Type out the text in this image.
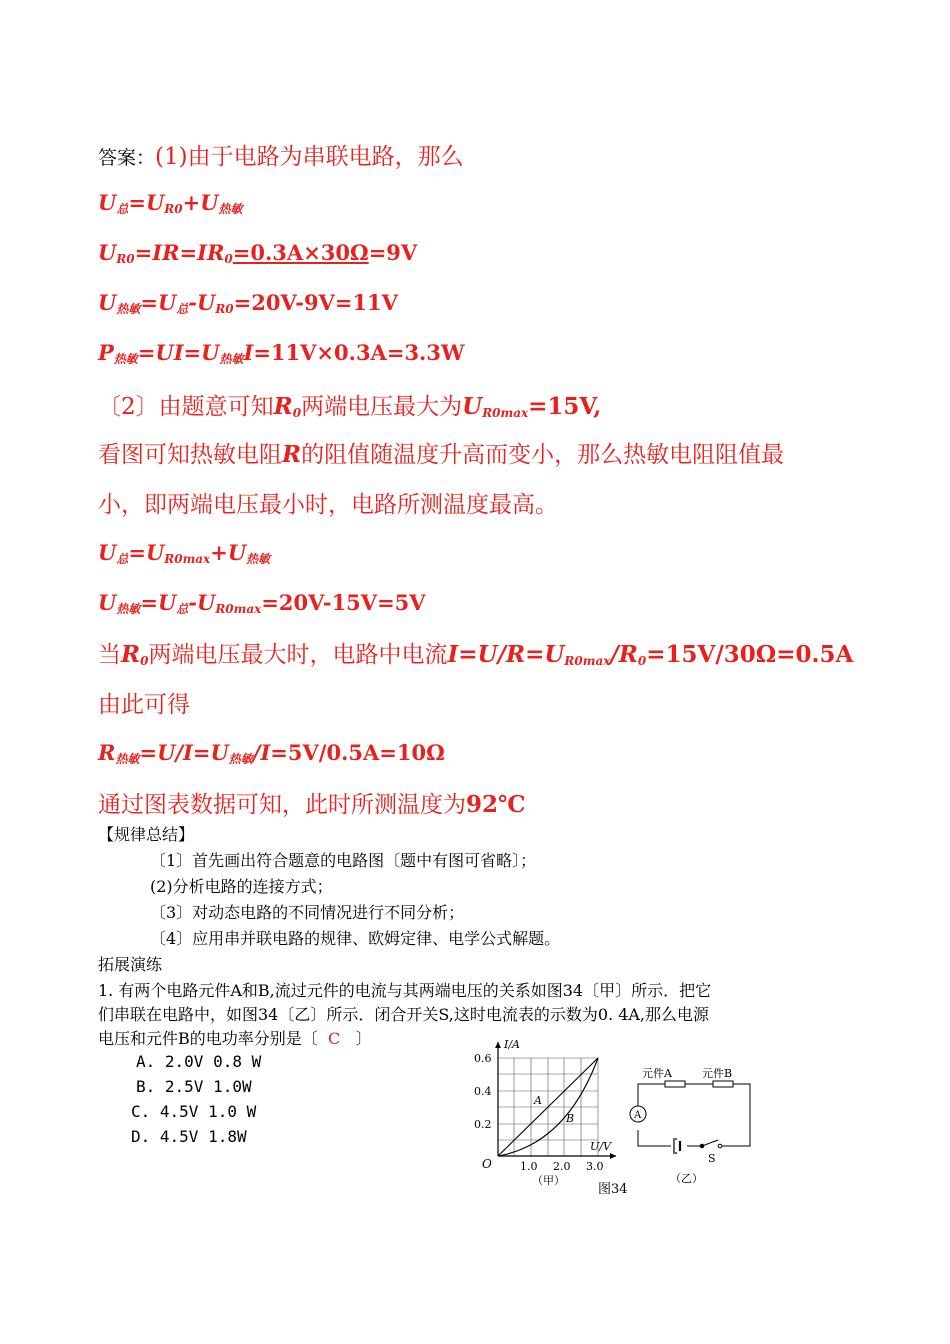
答案：(1)由于电路为串联电路，那么
$U_总=U_{R0}+U_{热敏}$
$U_{R0}=IR=IR_0=0.3A\times 30\Omega=9V$
$U_{热敏}=U_总-U_{R0}=20V-9V=11V$
$P_{热敏}=UI=U_{热敏}I=11V\times 0.3A=3.3W$
〔2〕由题意可知$R_0$两端电压最大为$U_{R0max}=15V$,
看图可知热敏电阻R的阻值随温度升高而变小，那么热敏电阻阻值最
小，即两端电压最小时，电路所测温度最高。
$U_总=U_{R0max}+U_{热敏}$
$U_{热敏}=U_总-U_{R0max}=20V-15V=5V$
当$R_0$两端电压最大时，电路中电流$I=U/R=U_{R0max}/R_0=15V/30\Omega=0.5A$
由此可得
$R_{热敏}=U/I=U_{热敏}/I=5V/0.5A=10\Omega$
通过图表数据可知，此时所测温度为92℃
【规律总结】
〔1〕首先画出符合题意的电路图〔题中有图可省略〕；
(2)分析电路的连接方式；
〔3〕对动态电路的不同情况进行不同分析；
〔4〕应用串并联电路的规律、欧姆定律、电学公式解题。
拓展演练
1. 有两个电路元件A和B,流过元件的电流与其两端电压的关系如图34〔甲〕所示．把它
们串联在电路中，如图34〔乙〕所示．闭合开关S,这时电流表的示数为0. 4A,那么电源
电压和元件B的电功率分别是〔 C 〕
A. 2.0V 0.8 W
B. 2.5V 1.0W
C. 4.5V 1.0 W
D. 4.5V 1.8W
I/A
U/V
O
0.6
0.4
0.2
1.0 2.0 3.0
A
B
（甲）
元件A	元件B
A
S
（乙）
图34
